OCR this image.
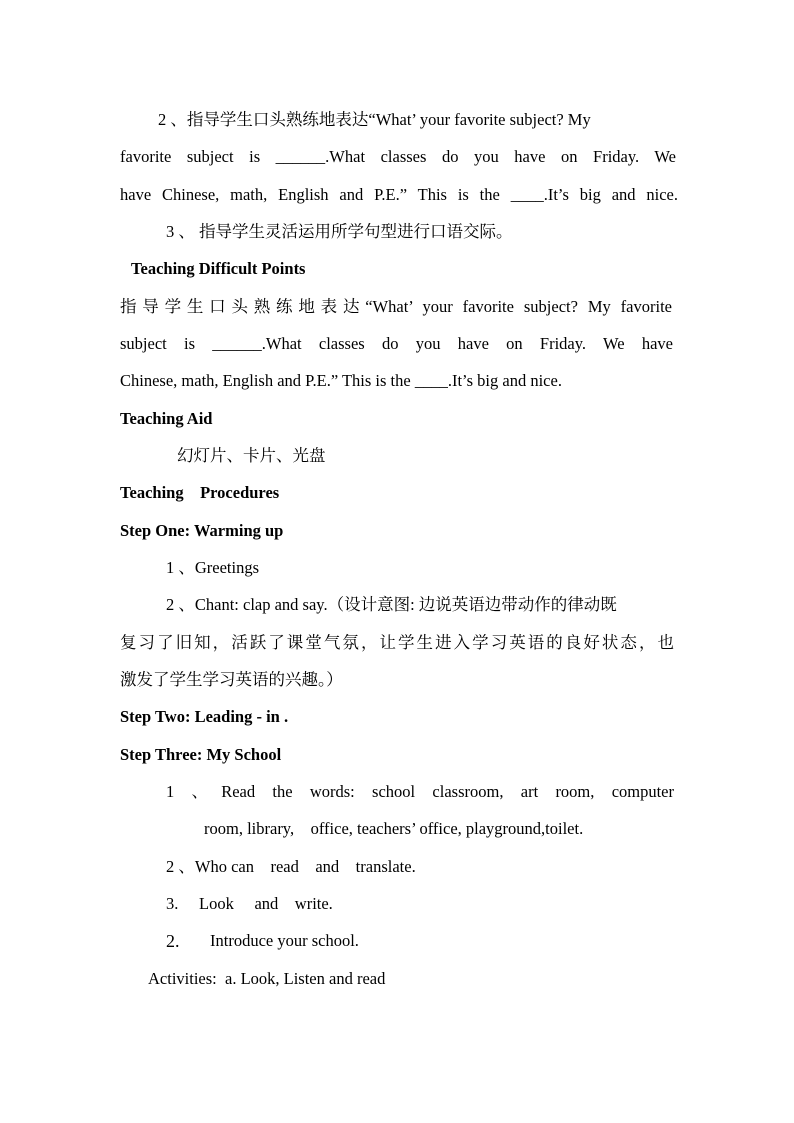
2 、指导学生口头熟练地表达“What’ your favorite subject? My
favorite subject is ______.What classes do you have on Friday. We
have Chinese, math, English and P.E.” This is the ____.It’s big and nice.
3 、 指导学生灵活运用所学句型进行口语交际。
Teaching Difficult Points
指导学生口头熟练地表达“What’ your favorite subject? My favorite
subject is ______.What classes do you have on Friday. We have
Chinese, math, English and P.E.” This is the ____.It’s big and nice.
Teaching Aid
幻灯片、卡片、光盘
Teaching    Procedures
Step One: Warming up
1 、Greetings
2 、Chant: clap and say.（设计意图: 边说英语边带动作的律动既
复习了旧知，活跃了课堂气氛，让学生进入学习英语的良好状态，也
激发了学生学习英语的兴趣。）
Step Two: Leading - in .
Step Three: My School
1 、Read the words: school classroom, art room, computer
room, library,    office, teachers’ office, playground,toilet.
2 、Who can    read    and    translate.
3.     Look     and    write.
2.	Introduce your school.
Activities:  a. Look, Listen and read
